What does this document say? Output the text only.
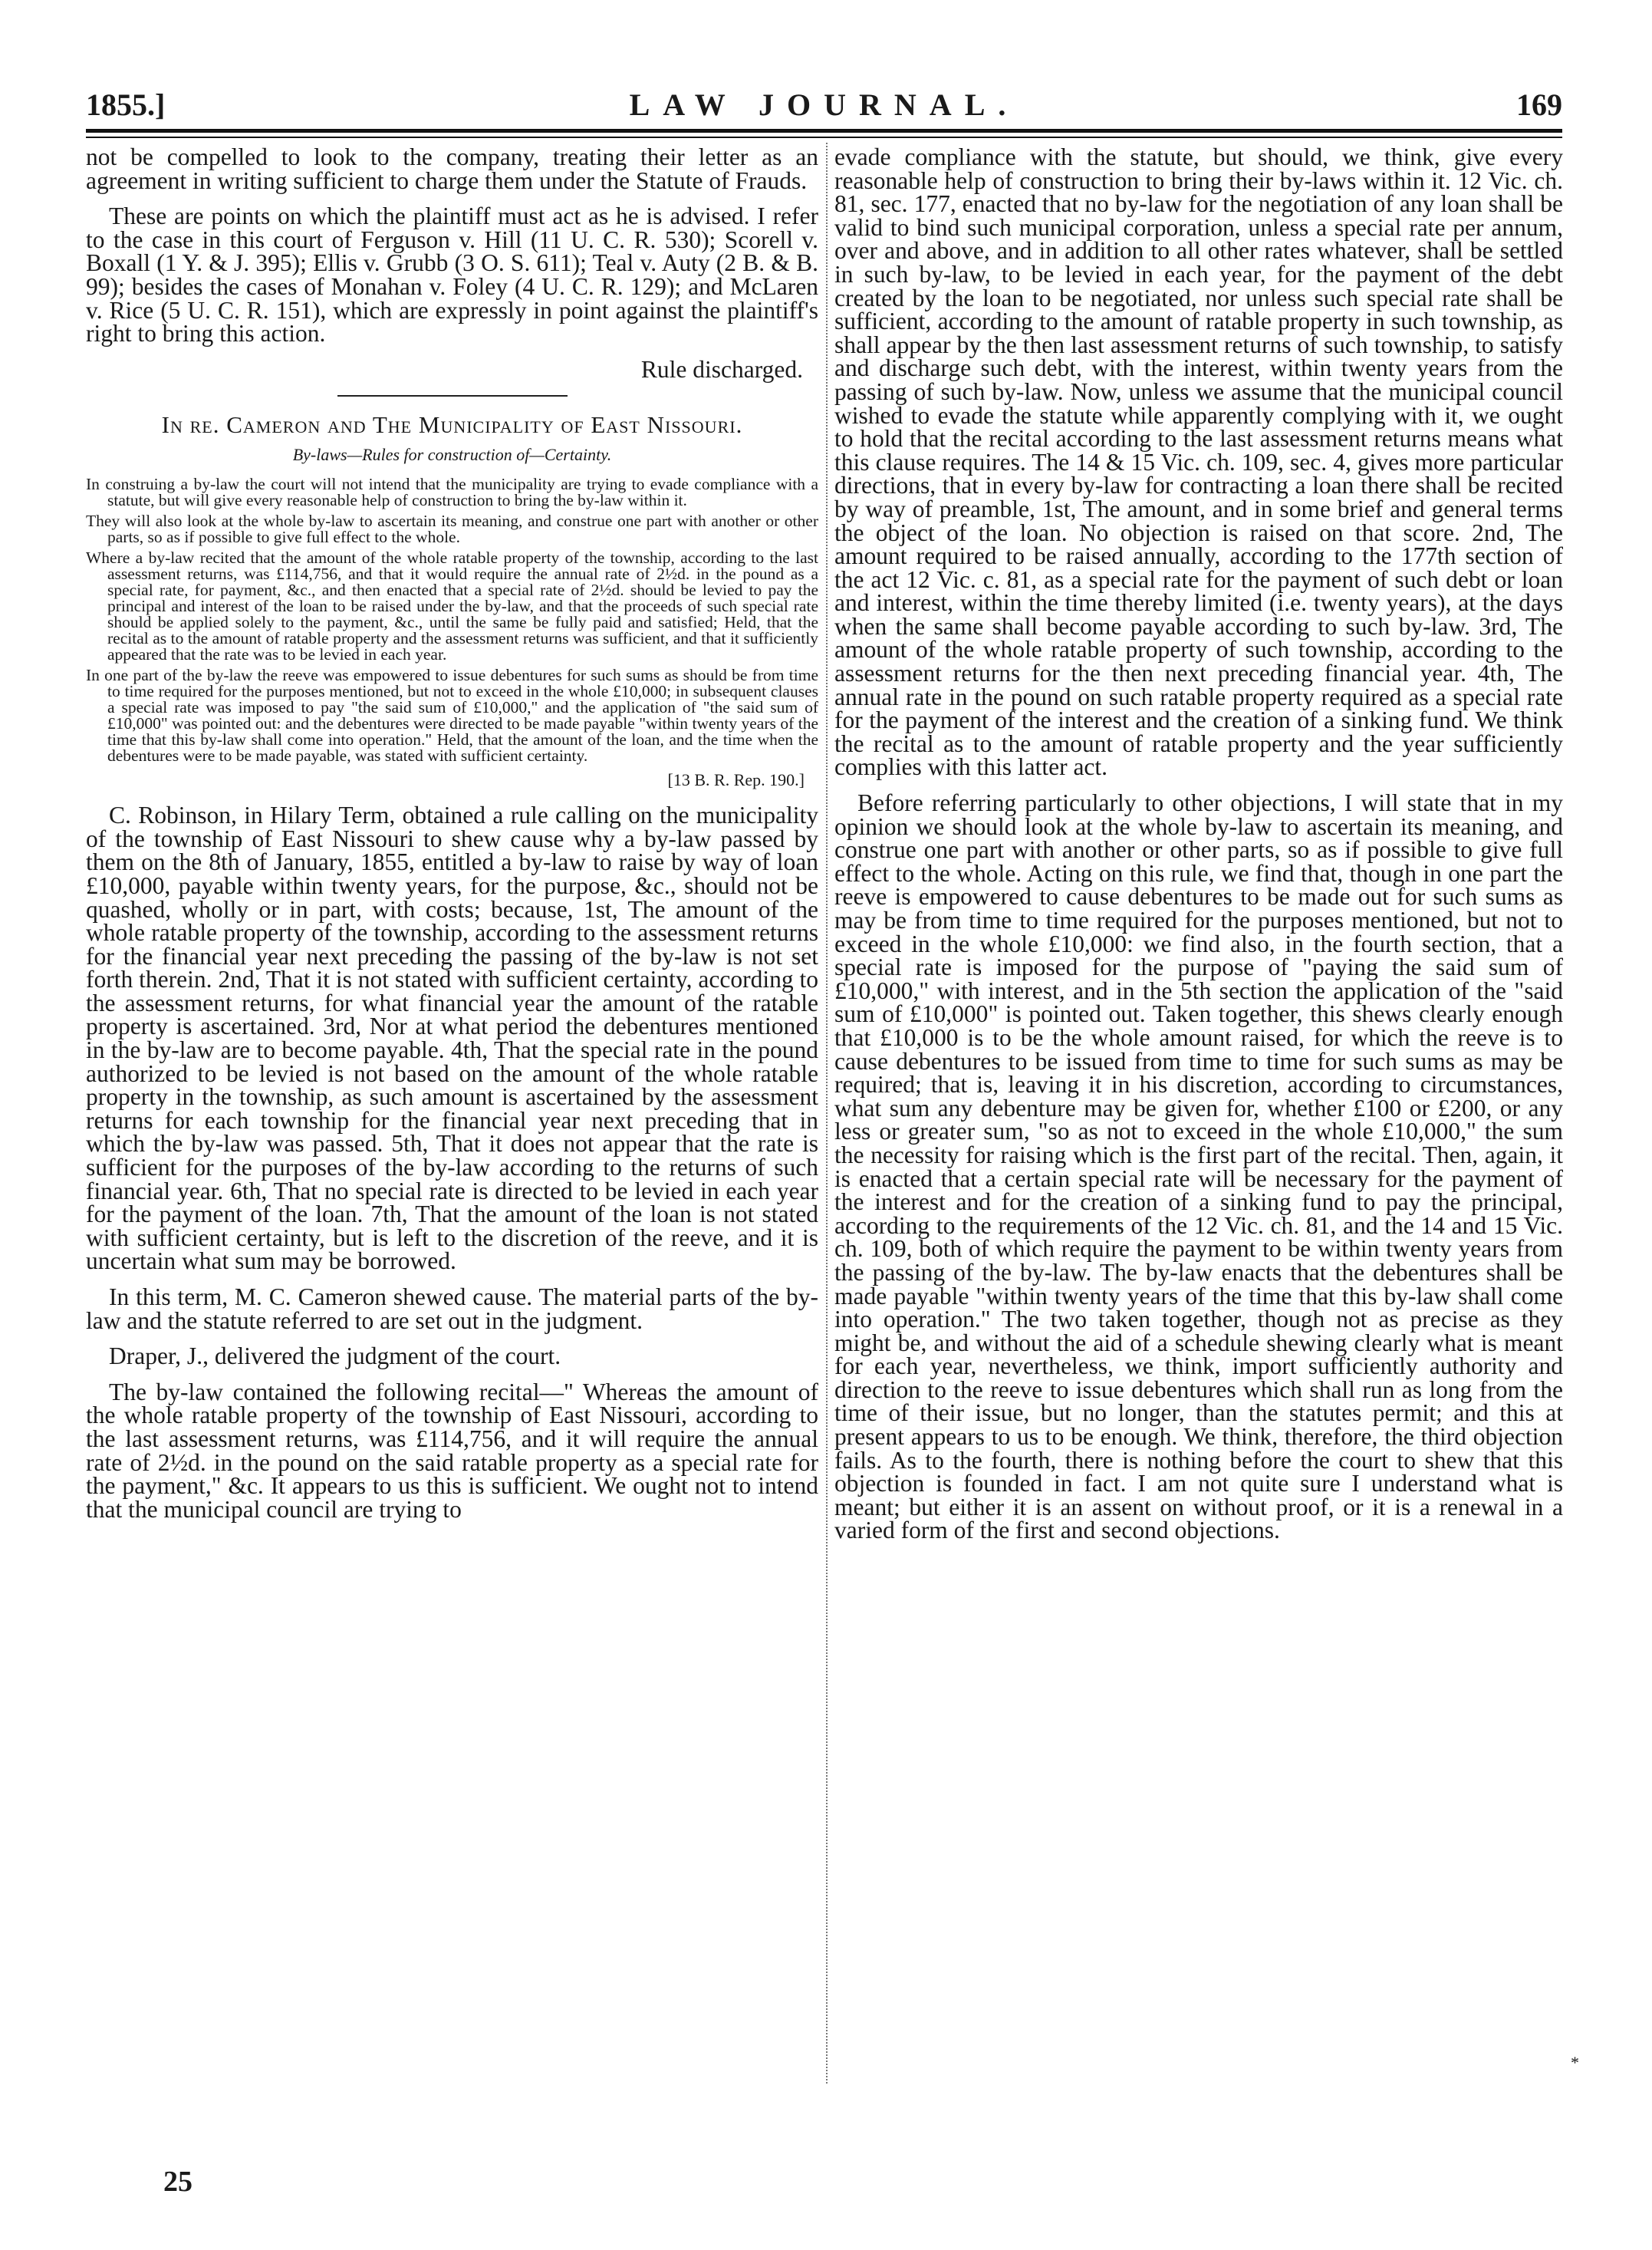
1855.]	LAW JOURNAL.	169

not be compelled to look to the company, treating their letter as an agreement in writing sufficient to charge them under the Statute of Frauds.

These are points on which the plaintiff must act as he is advised. I refer to the case in this court of Ferguson v. Hill (11 U. C. R. 530); Scorell v. Boxall (1 Y. & J. 395); Ellis v. Grubb (3 O. S. 611); Teal v. Auty (2 B. & B. 99); besides the cases of Monahan v. Foley (4 U. C. R. 129); and McLaren v. Rice (5 U. C. R. 151), which are expressly in point against the plaintiff's right to bring this action.

Rule discharged.
In re. Cameron and The Municipality of East Nissouri.
By-laws—Rules for construction of—Certainty.
In construing a by-law the court will not intend that the municipality are trying to evade compliance with a statute, but will give every reasonable help of construction to bring the by-law within it.
They will also look at the whole by-law to ascertain its meaning, and construe one part with another or other parts, so as if possible to give full effect to the whole.
Where a by-law recited that the amount of the whole ratable property of the township, according to the last assessment returns, was £114,756, and that it would require the annual rate of 2½d. in the pound as a special rate, for payment, &c., and then enacted that a special rate of 2½d. should be levied to pay the principal and interest of the loan to be raised under the by-law, and that the proceeds of such special rate should be applied solely to the payment, &c., until the same be fully paid and satisfied; Held, that the recital as to the amount of ratable property and the assessment returns was sufficient, and that it sufficiently appeared that the rate was to be levied in each year.
In one part of the by-law the reeve was empowered to issue debentures for such sums as should be from time to time required for the purposes mentioned, but not to exceed in the whole £10,000; in subsequent clauses a special rate was imposed to pay "the said sum of £10,000," and the application of "the said sum of £10,000" was pointed out: and the debentures were directed to be made payable "within twenty years of the time that this by-law shall come into operation." Held, that the amount of the loan, and the time when the debentures were to be made payable, was stated with sufficient certainty.
[13 B. R. Rep. 190.]

C. Robinson, in Hilary Term, obtained a rule calling on the municipality of the township of East Nissouri to shew cause why a by-law passed by them on the 8th of January, 1855, entitled a by-law to raise by way of loan £10,000, payable within twenty years, for the purpose, &c., should not be quashed, wholly or in part, with costs; because, 1st, The amount of the whole ratable property of the township, according to the assessment returns for the financial year next preceding the passing of the by-law is not set forth therein. 2nd, That it is not stated with sufficient certainty, according to the assessment returns, for what financial year the amount of the ratable property is ascertained. 3rd, Nor at what period the debentures mentioned in the by-law are to become payable. 4th, That the special rate in the pound authorized to be levied is not based on the amount of the whole ratable property in the township, as such amount is ascertained by the assessment returns for each township for the financial year next preceding that in which the by-law was passed. 5th, That it does not appear that the rate is sufficient for the purposes of the by-law according to the returns of such financial year. 6th, That no special rate is directed to be levied in each year for the payment of the loan. 7th, That the amount of the loan is not stated with sufficient certainty, but is left to the discretion of the reeve, and it is uncertain what sum may be borrowed.

In this term, M. C. Cameron shewed cause. The material parts of the by-law and the statute referred to are set out in the judgment.

Draper, J., delivered the judgment of the court.

The by-law contained the following recital—" Whereas the amount of the whole ratable property of the township of East Nissouri, according to the last assessment returns, was £114,756, and it will require the annual rate of 2½d. in the pound on the said ratable property as a special rate for the payment," &c. It appears to us this is sufficient. We ought not to intend that the municipal council are trying to

evade compliance with the statute, but should, we think, give every reasonable help of construction to bring their by-laws within it. 12 Vic. ch. 81, sec. 177, enacted that no by-law for the negotiation of any loan shall be valid to bind such municipal corporation, unless a special rate per annum, over and above, and in addition to all other rates whatever, shall be settled in such by-law, to be levied in each year, for the payment of the debt created by the loan to be negotiated, nor unless such special rate shall be sufficient, according to the amount of ratable property in such township, as shall appear by the then last assessment returns of such township, to satisfy and discharge such debt, with the interest, within twenty years from the passing of such by-law. Now, unless we assume that the municipal council wished to evade the statute while apparently complying with it, we ought to hold that the recital according to the last assessment returns means what this clause requires. The 14 & 15 Vic. ch. 109, sec. 4, gives more particular directions, that in every by-law for contracting a loan there shall be recited by way of preamble, 1st, The amount, and in some brief and general terms the object of the loan. No objection is raised on that score. 2nd, The amount required to be raised annually, according to the 177th section of the act 12 Vic. c. 81, as a special rate for the payment of such debt or loan and interest, within the time thereby limited (i.e. twenty years), at the days when the same shall become payable according to such by-law. 3rd, The amount of the whole ratable property of such township, according to the assessment returns for the then next preceding financial year. 4th, The annual rate in the pound on such ratable property required as a special rate for the payment of the interest and the creation of a sinking fund. We think the recital as to the amount of ratable property and the year sufficiently complies with this latter act.

Before referring particularly to other objections, I will state that in my opinion we should look at the whole by-law to ascertain its meaning, and construe one part with another or other parts, so as if possible to give full effect to the whole. Acting on this rule, we find that, though in one part the reeve is empowered to cause debentures to be made out for such sums as may be from time to time required for the purposes mentioned, but not to exceed in the whole £10,000: we find also, in the fourth section, that a special rate is imposed for the purpose of "paying the said sum of £10,000," with interest, and in the 5th section the application of the "said sum of £10,000" is pointed out. Taken together, this shews clearly enough that £10,000 is to be the whole amount raised, for which the reeve is to cause debentures to be issued from time to time for such sums as may be required; that is, leaving it in his discretion, according to circumstances, what sum any debenture may be given for, whether £100 or £200, or any less or greater sum, "so as not to exceed in the whole £10,000," the sum the necessity for raising which is the first part of the recital. Then, again, it is enacted that a certain special rate will be necessary for the payment of the interest and for the creation of a sinking fund to pay the principal, according to the requirements of the 12 Vic. ch. 81, and the 14 and 15 Vic. ch. 109, both of which require the payment to be within twenty years from the passing of the by-law. The by-law enacts that the debentures shall be made payable "within twenty years of the time that this by-law shall come into operation." The two taken together, though not as precise as they might be, and without the aid of a schedule shewing clearly what is meant for each year, nevertheless, we think, import sufficiently authority and direction to the reeve to issue debentures which shall run as long from the time of their issue, but no longer, than the statutes permit; and this at present appears to us to be enough. We think, therefore, the third objection fails. As to the fourth, there is nothing before the court to shew that this objection is founded in fact. I am not quite sure I understand what is meant; but either it is an assent on without proof, or it is a renewal in a varied form of the first and second objections.

25
*
